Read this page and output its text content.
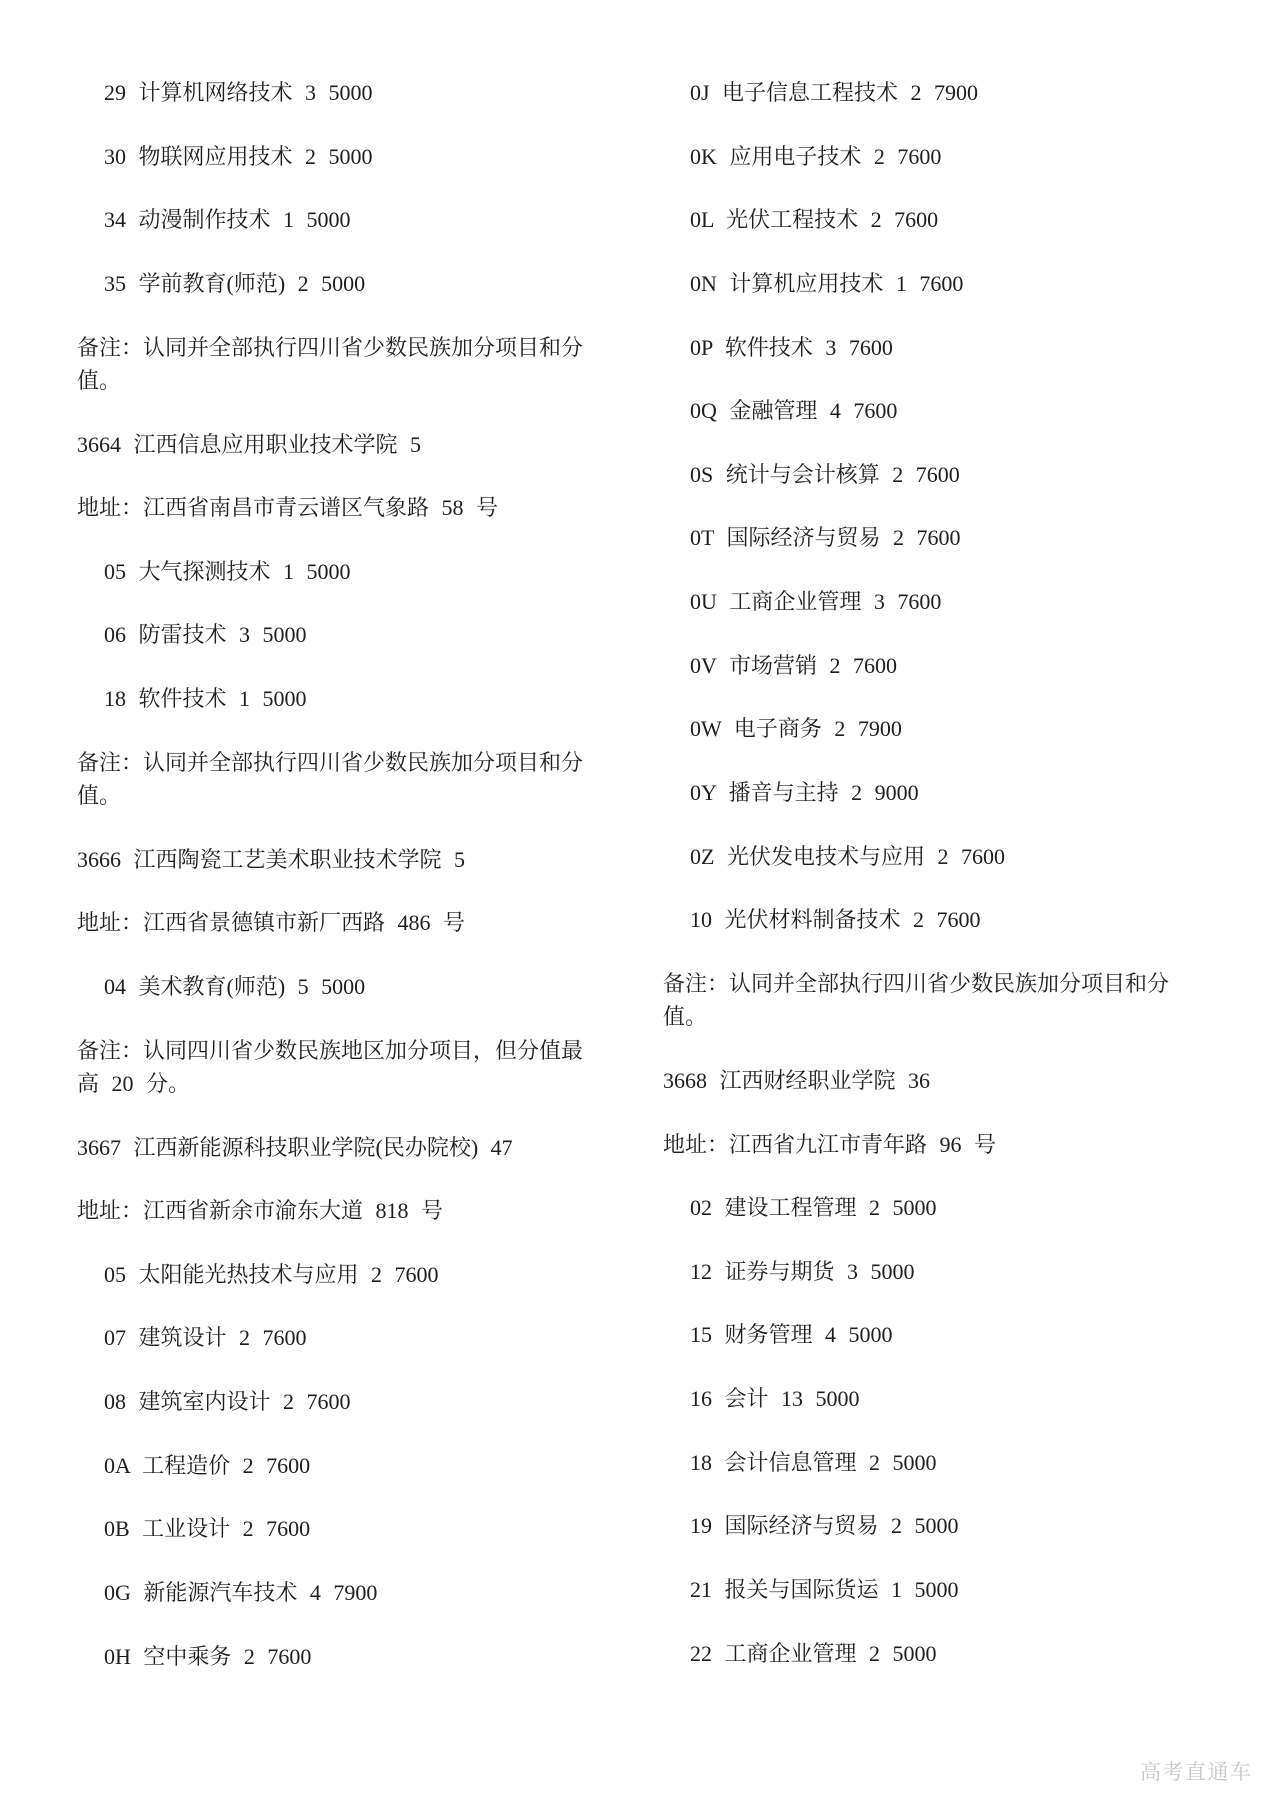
29 计算机网络技术 3 5000
30 物联网应用技术 2 5000
34 动漫制作技术 1 5000
35 学前教育(师范) 2 5000
备注：认同并全部执行四川省少数民族加分项目和分
值。
3664 江西信息应用职业技术学院 5
地址：江西省南昌市青云谱区气象路 58 号
05 大气探测技术 1 5000
06 防雷技术 3 5000
18 软件技术 1 5000
备注：认同并全部执行四川省少数民族加分项目和分
值。
3666 江西陶瓷工艺美术职业技术学院 5
地址：江西省景德镇市新厂西路 486 号
04 美术教育(师范) 5 5000
备注：认同四川省少数民族地区加分项目，但分值最
高 20 分。
3667 江西新能源科技职业学院(民办院校) 47
地址：江西省新余市渝东大道 818 号
05 太阳能光热技术与应用 2 7600
07 建筑设计 2 7600
08 建筑室内设计 2 7600
0A 工程造价 2 7600
0B 工业设计 2 7600
0G 新能源汽车技术 4 7900
0H 空中乘务 2 7600
0J 电子信息工程技术 2 7900
0K 应用电子技术 2 7600
0L 光伏工程技术 2 7600
0N 计算机应用技术 1 7600
0P 软件技术 3 7600
0Q 金融管理 4 7600
0S 统计与会计核算 2 7600
0T 国际经济与贸易 2 7600
0U 工商企业管理 3 7600
0V 市场营销 2 7600
0W 电子商务 2 7900
0Y 播音与主持 2 9000
0Z 光伏发电技术与应用 2 7600
10 光伏材料制备技术 2 7600
备注：认同并全部执行四川省少数民族加分项目和分
值。
3668 江西财经职业学院 36
地址：江西省九江市青年路 96 号
02 建设工程管理 2 5000
12 证券与期货 3 5000
15 财务管理 4 5000
16 会计 13 5000
18 会计信息管理 2 5000
19 国际经济与贸易 2 5000
21 报关与国际货运 1 5000
22 工商企业管理 2 5000
高考直通车
